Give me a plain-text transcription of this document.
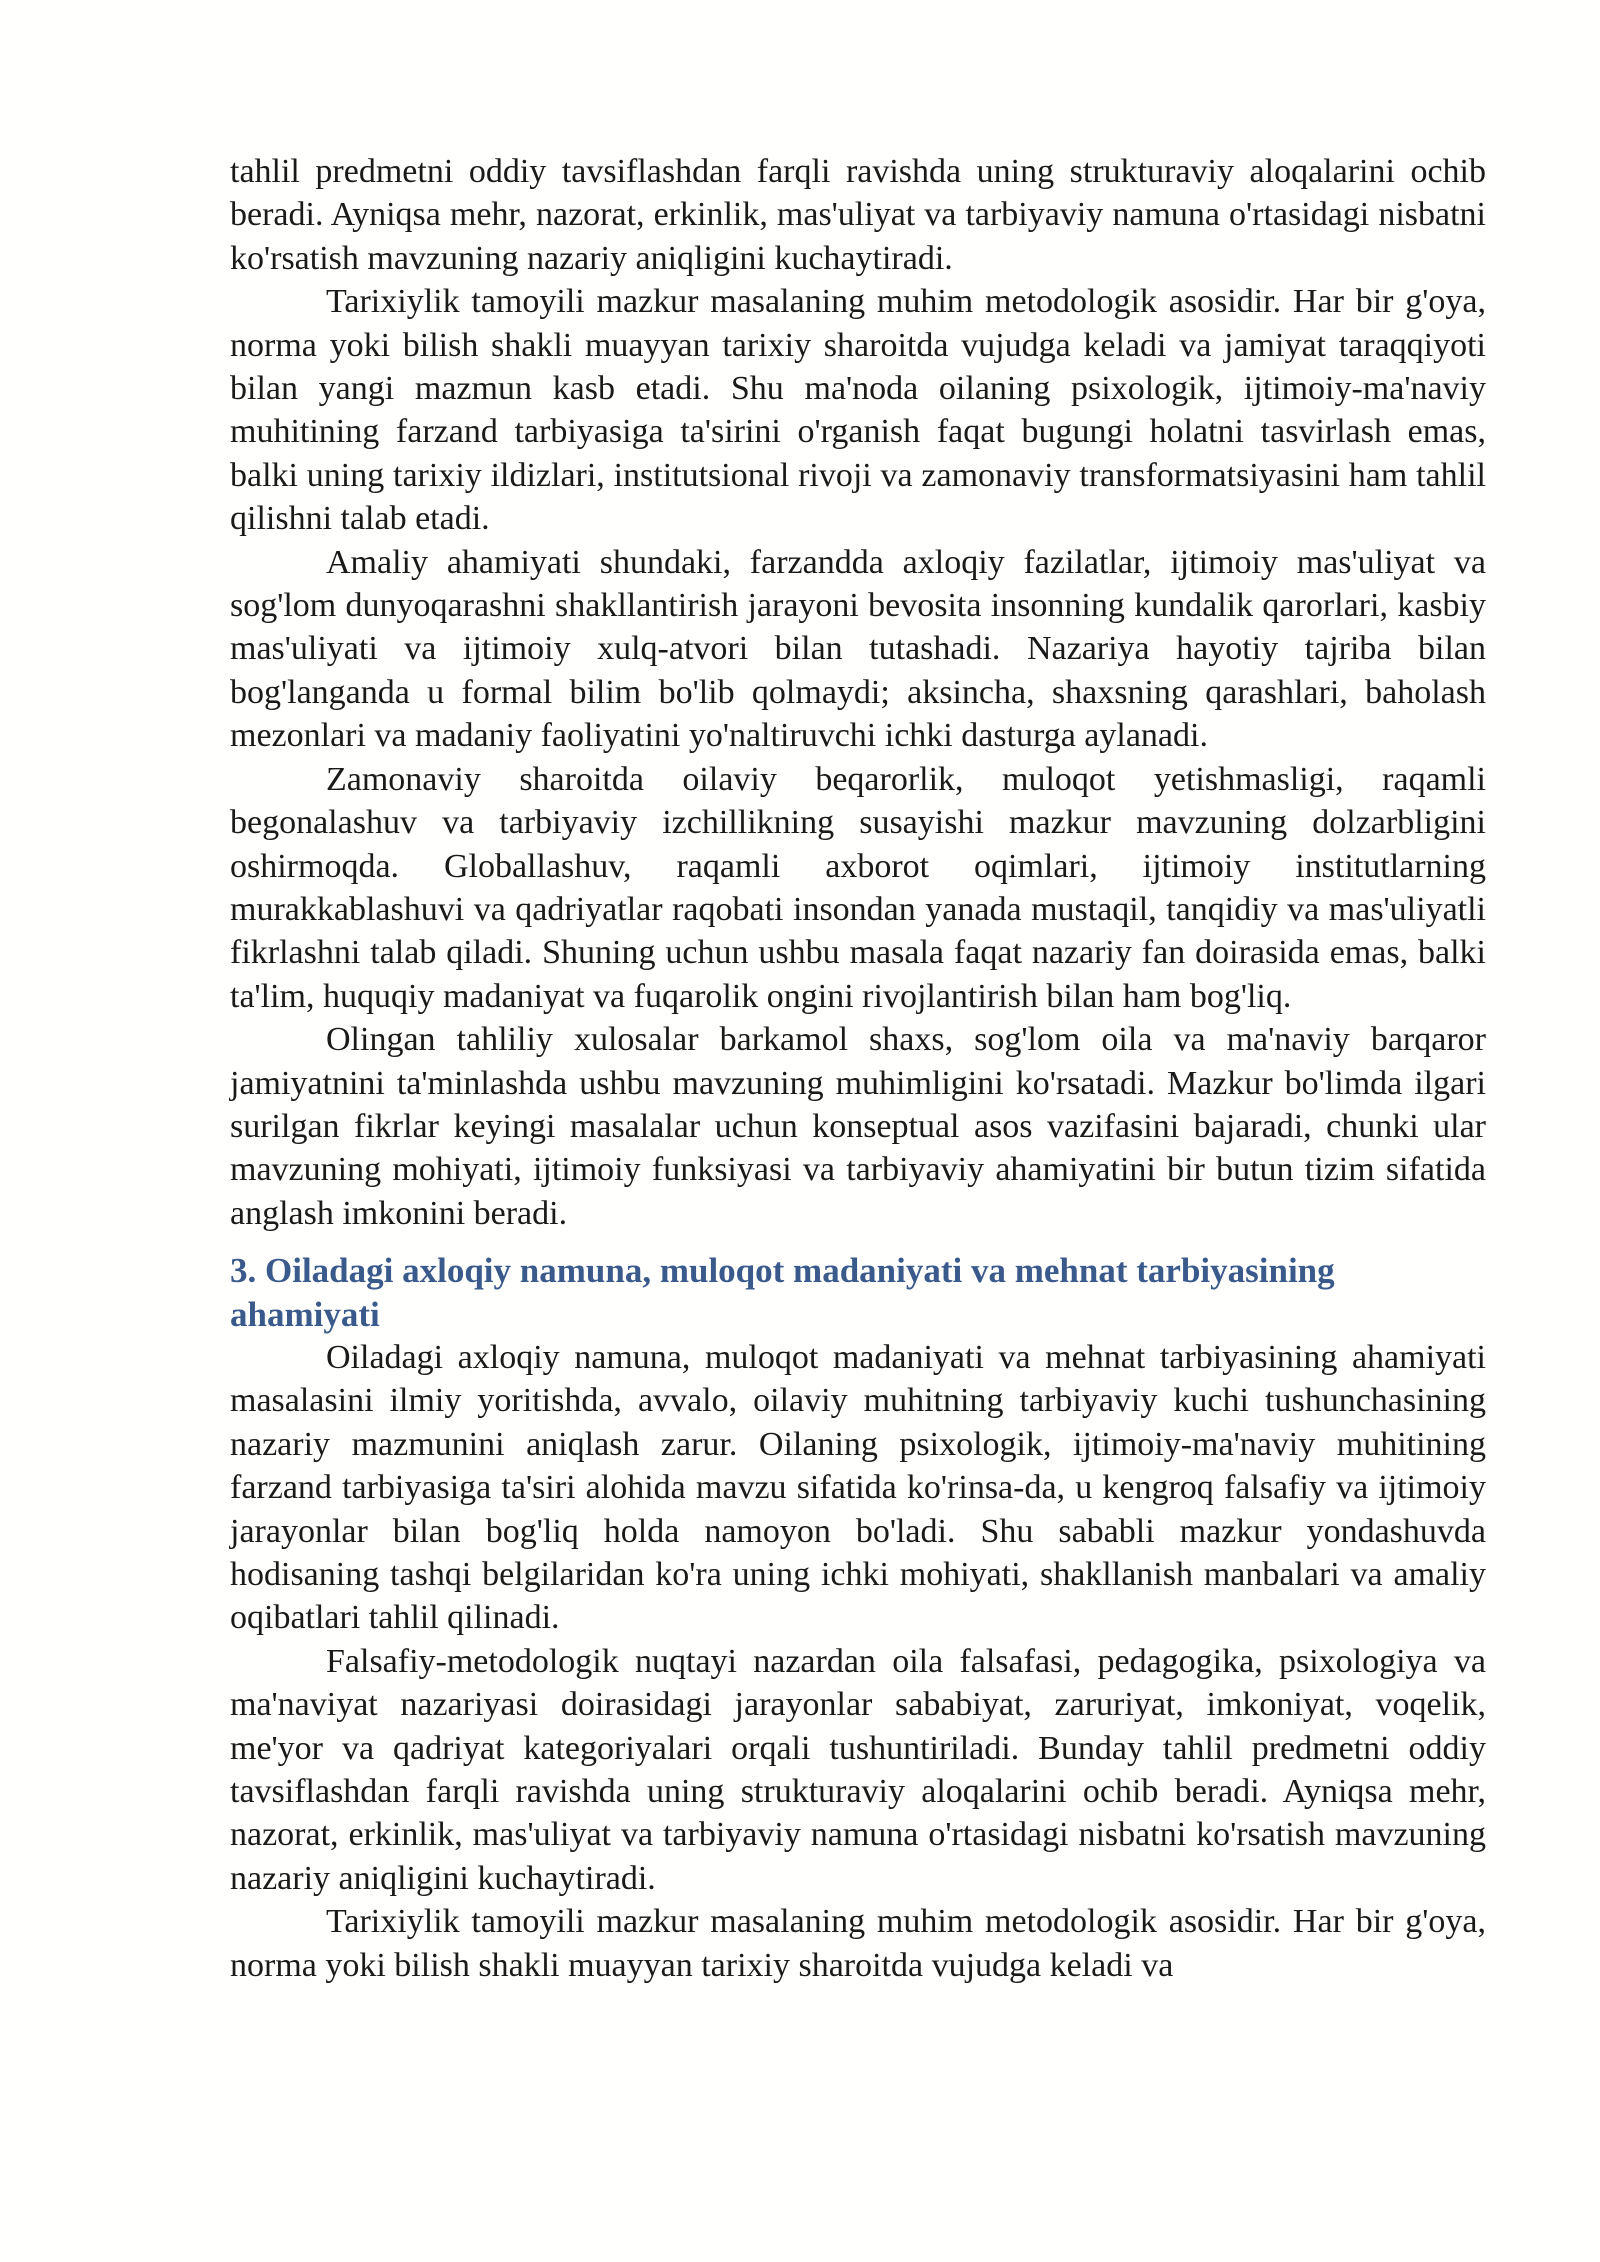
tahlil predmetni oddiy tavsiflashdan farqli ravishda uning strukturaviy aloqalarini ochib beradi. Ayniqsa mehr, nazorat, erkinlik, mas'uliyat va tarbiyaviy namuna o'rtasidagi nisbatni ko'rsatish mavzuning nazariy aniqligini kuchaytiradi.

Tarixiylik tamoyili mazkur masalaning muhim metodologik asosidir. Har bir g'oya, norma yoki bilish shakli muayyan tarixiy sharoitda vujudga keladi va jamiyat taraqqiyoti bilan yangi mazmun kasb etadi. Shu ma'noda oilaning psixologik, ijtimoiy-ma'naviy muhitining farzand tarbiyasiga ta'sirini o'rganish faqat bugungi holatni tasvirlash emas, balki uning tarixiy ildizlari, institutsional rivoji va zamonaviy transformatsiyasini ham tahlil qilishni talab etadi.

Amaliy ahamiyati shundaki, farzandda axloqiy fazilatlar, ijtimoiy mas'uliyat va sog'lom dunyoqarashni shakllantirish jarayoni bevosita insonning kundalik qarorlari, kasbiy mas'uliyati va ijtimoiy xulq-atvori bilan tutashadi. Nazariya hayotiy tajriba bilan bog'langanda u formal bilim bo'lib qolmaydi; aksincha, shaxsning qarashlari, baholash mezonlari va madaniy faoliyatini yo'naltiruvchi ichki dasturga aylanadi.

Zamonaviy sharoitda oilaviy beqarorlik, muloqot yetishmasligi, raqamli begonalashuv va tarbiyaviy izchillikning susayishi mazkur mavzuning dolzarbligini oshirmoqda. Globallashuv, raqamli axborot oqimlari, ijtimoiy institutlarning murakkablashuvi va qadriyatlar raqobati insondan yanada mustaqil, tanqidiy va mas'uliyatli fikrlashni talab qiladi. Shuning uchun ushbu masala faqat nazariy fan doirasida emas, balki ta'lim, huquqiy madaniyat va fuqarolik ongini rivojlantirish bilan ham bog'liq.

Olingan tahliliy xulosalar barkamol shaxs, sog'lom oila va ma'naviy barqaror jamiyatnini ta'minlashda ushbu mavzuning muhimligini ko'rsatadi. Mazkur bo'limda ilgari surilgan fikrlar keyingi masalalar uchun konseptual asos vazifasini bajaradi, chunki ular mavzuning mohiyati, ijtimoiy funksiyasi va tarbiyaviy ahamiyatini bir butun tizim sifatida anglash imkonini beradi.

3. Oiladagi axloqiy namuna, muloqot madaniyati va mehnat tarbiyasining ahamiyati

Oiladagi axloqiy namuna, muloqot madaniyati va mehnat tarbiyasining ahamiyati masalasini ilmiy yoritishda, avvalo, oilaviy muhitning tarbiyaviy kuchi tushunchasining nazariy mazmunini aniqlash zarur. Oilaning psixologik, ijtimoiy-ma'naviy muhitining farzand tarbiyasiga ta'siri alohida mavzu sifatida ko'rinsa-da, u kengroq falsafiy va ijtimoiy jarayonlar bilan bog'liq holda namoyon bo'ladi. Shu sababli mazkur yondashuvda hodisaning tashqi belgilaridan ko'ra uning ichki mohiyati, shakllanish manbalari va amaliy oqibatlari tahlil qilinadi.

Falsafiy-metodologik nuqtayi nazardan oila falsafasi, pedagogika, psixologiya va ma'naviyat nazariyasi doirasidagi jarayonlar sababiyat, zaruriyat, imkoniyat, voqelik, me'yor va qadriyat kategoriyalari orqali tushuntiriladi. Bunday tahlil predmetni oddiy tavsiflashdan farqli ravishda uning strukturaviy aloqalarini ochib beradi. Ayniqsa mehr, nazorat, erkinlik, mas'uliyat va tarbiyaviy namuna o'rtasidagi nisbatni ko'rsatish mavzuning nazariy aniqligini kuchaytiradi.

Tarixiylik tamoyili mazkur masalaning muhim metodologik asosidir. Har bir g'oya, norma yoki bilish shakli muayyan tarixiy sharoitda vujudga keladi va
